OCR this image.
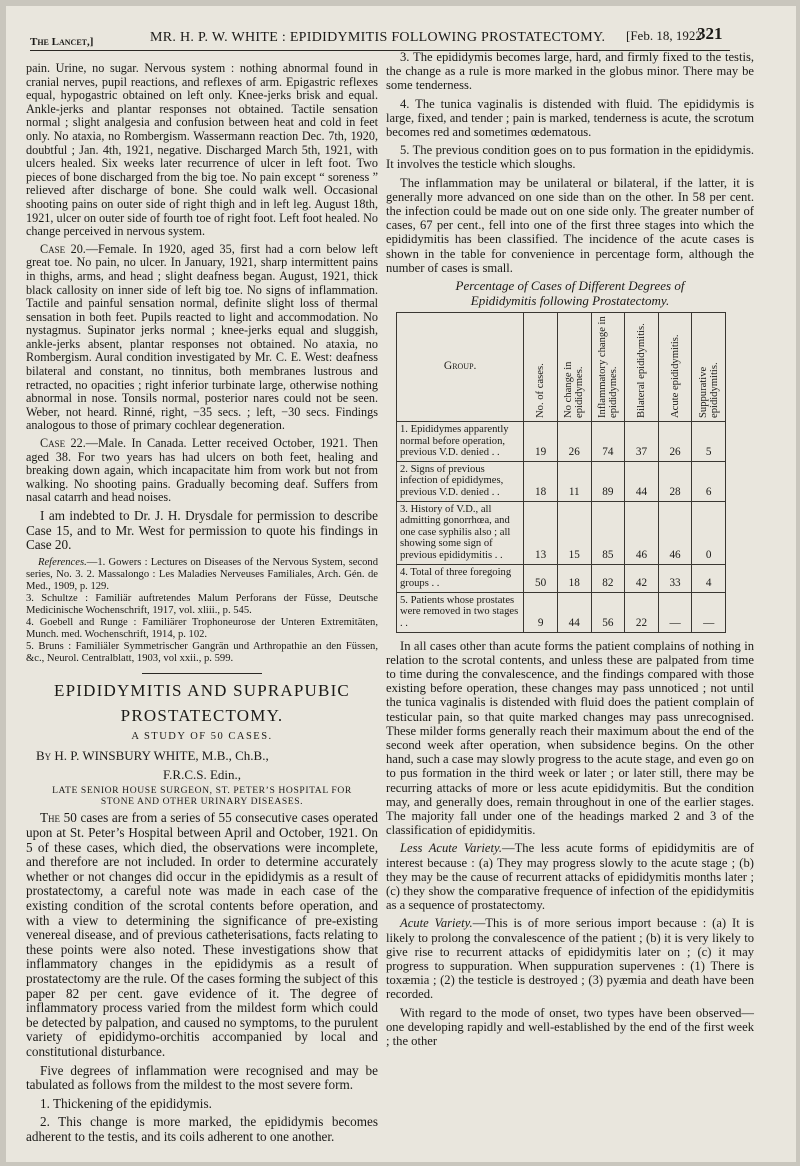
The Lancet,]	MR. H. P. W. WHITE : EPIDIDYMITIS FOLLOWING PROSTATECTOMY. [Feb. 18, 1922
321

pain. Urine, no sugar. Nervous system : nothing abnormal found in cranial nerves, pupil reactions, and reflexes of arm. Epigastric reflexes equal, hypogastric obtained on left only. Knee-jerks brisk and equal. Ankle-jerks and plantar responses not obtained. Tactile sensation normal ; slight analgesia and confusion between heat and cold in feet only. No ataxia, no Rombergism. Wassermann reaction Dec. 7th, 1920, doubtful ; Jan. 4th, 1921, negative. Discharged March 5th, 1921, with ulcers healed. Six weeks later recurrence of ulcer in left foot. Two pieces of bone discharged from the big toe. No pain except “ soreness ” relieved after discharge of bone. She could walk well. Occasional shooting pains on outer side of right thigh and in left leg. August 18th, 1921, ulcer on outer side of fourth toe of right foot. Left foot healed. No change perceived in nervous system.

Case 20.—Female. In 1920, aged 35, first had a corn below left great toe. No pain, no ulcer. In January, 1921, sharp intermittent pains in thighs, arms, and head ; slight deafness began. August, 1921, thick black callosity on inner side of left big toe. No signs of inflammation. Tactile and painful sensation normal, definite slight loss of thermal sensation in both feet. Pupils reacted to light and accommodation. No nystagmus. Supinator jerks normal ; knee-jerks equal and sluggish, ankle-jerks absent, plantar responses not obtained. No ataxia, no Rombergism. Aural condition investigated by Mr. C. E. West: deafness bilateral and constant, no tinnitus, both membranes lustrous and retracted, no opacities ; right inferior turbinate large, otherwise nothing abnormal in nose. Tonsils normal, posterior nares could not be seen. Weber, not heard. Rinné, right, −35 secs. ; left, −30 secs. Findings analogous to those of primary cochlear degeneration.

Case 22.—Male. In Canada. Letter received October, 1921. Then aged 38. For two years has had ulcers on both feet, healing and breaking down again, which incapacitate him from work but not from walking. No shooting pains. Gradually becoming deaf. Suffers from nasal catarrh and head noises.

I am indebted to Dr. J. H. Drysdale for permission to describe Case 15, and to Mr. West for permission to quote his findings in Case 20.

References.—1. Gowers : Lectures on Diseases of the Nervous System, second series, No. 3. 2. Massalongo : Les Maladies Nerveuses Familiales, Arch. Gén. de Med., 1909, p. 129.
3. Schultze : Familiär auftretendes Malum Perforans der Füsse, Deutsche Medicinische Wochenschrift, 1917, vol. xliii., p. 545.
4. Goebell and Runge : Familiärer Trophoneurose der Unteren Extremitäten, Munch. med. Wochenschrift, 1914, p. 102.
5. Bruns : Familiäler Symmetrischer Gangrän und Arthropathie an den Füssen, &c., Neurol. Centralblatt, 1903, vol xxii., p. 599.

EPIDIDYMITIS AND SUPRAPUBIC

PROSTATECTOMY.

A STUDY OF 50 CASES.

By H. P. WINSBURY WHITE, M.B., Ch.B.,

F.R.C.S. Edin.,

LATE SENIOR HOUSE SURGEON, ST. PETER’S HOSPITAL FOR
STONE AND OTHER URINARY DISEASES.

The 50 cases are from a series of 55 consecutive cases operated upon at St. Peter’s Hospital between April and October, 1921. On 5 of these cases, which died, the observations were incomplete, and therefore are not included. In order to determine accurately whether or not changes did occur in the epididymis as a result of prostatectomy, a careful note was made in each case of the existing condition of the scrotal contents before operation, and with a view to determining the significance of pre-existing venereal disease, and of previous catheterisations, facts relating to these points were also noted. These investigations show that inflammatory changes in the epididymis as a result of prostatectomy are the rule. Of the cases forming the subject of this paper 82 per cent. gave evidence of it. The degree of inflammatory process varied from the mildest form which could be detected by palpation, and caused no symptoms, to the purulent variety of epididymo-orchitis accompanied by local and constitutional disturbance.

Five degrees of inflammation were recognised and may be tabulated as follows from the mildest to the most severe form.

1. Thickening of the epididymis.

2. This change is more marked, the epididymis becomes adherent to the testis, and its coils adherent to one another.

3. The epididymis becomes large, hard, and firmly fixed to the testis, the change as a rule is more marked in the globus minor. There may be some tenderness.

4. The tunica vaginalis is distended with fluid. The epididymis is large, fixed, and tender ; pain is marked, tenderness is acute, the scrotum becomes red and sometimes œdematous.

5. The previous condition goes on to pus formation in the epididymis. It involves the testicle which sloughs.

The inflammation may be unilateral or bilateral, if the latter, it is generally more advanced on one side than on the other. In 58 per cent. the infection could be made out on one side only. The greater number of cases, 67 per cent., fell into one of the first three stages into which the epididymitis has been classified. The incidence of the acute cases is shown in the table for convenience in percentage form, although the number of cases is small.

Percentage of Cases of Different Degrees of
Epididymitis following Prostatectomy.

Group.	No. of cases.	No change in epididymes.	Inflammatory change in epididymes.	Bilateral epididymitis.	Acute epididymitis.	Suppurative epididymitis.

1. Epididymes apparently normal before operation, previous V.D. denied . .	19	26	74	37	26	5
2. Signs of previous infection of epididymes, previous V.D. denied . .	18	11	89	44	28	6
3. History of V.D., all admitting gonorrhœa, and one case syphilis also ; all showing some sign of previous epididymitis . .	13	15	85	46	46	0
4. Total of three foregoing groups . .	50	18	82	42	33	4
5. Patients whose prostates were removed in two stages . .	9	44	56	22	—	—

In all cases other than acute forms the patient complains of nothing in relation to the scrotal contents, and unless these are palpated from time to time during the convalescence, and the findings compared with those existing before operation, these changes may pass unnoticed ; not until the tunica vaginalis is distended with fluid does the patient complain of testicular pain, so that quite marked changes may pass unrecognised. These milder forms generally reach their maximum about the end of the second week after operation, when subsidence begins. On the other hand, such a case may slowly progress to the acute stage, and even go on to pus formation in the third week or later ; or later still, there may be recurring attacks of more or less acute epididymitis. But the condition may, and generally does, remain throughout in one of the earlier stages. The majority fall under one of the headings marked 2 and 3 of the classification of epididymitis.

Less Acute Variety.—The less acute forms of epididymitis are of interest because : (a) They may progress slowly to the acute stage ; (b) they may be the cause of recurrent attacks of epididymitis months later ; (c) they show the comparative frequence of infection of the epididymitis as a sequence of prostatectomy.

Acute Variety.—This is of more serious import because : (a) It is likely to prolong the convalescence of the patient ; (b) it is very likely to give rise to recurrent attacks of epididymitis later on ; (c) it may progress to suppuration. When suppuration supervenes : (1) There is toxæmia ; (2) the testicle is destroyed ; (3) pyæmia and death have been recorded.

With regard to the mode of onset, two types have been observed—one developing rapidly and well-established by the end of the first week ; the other
